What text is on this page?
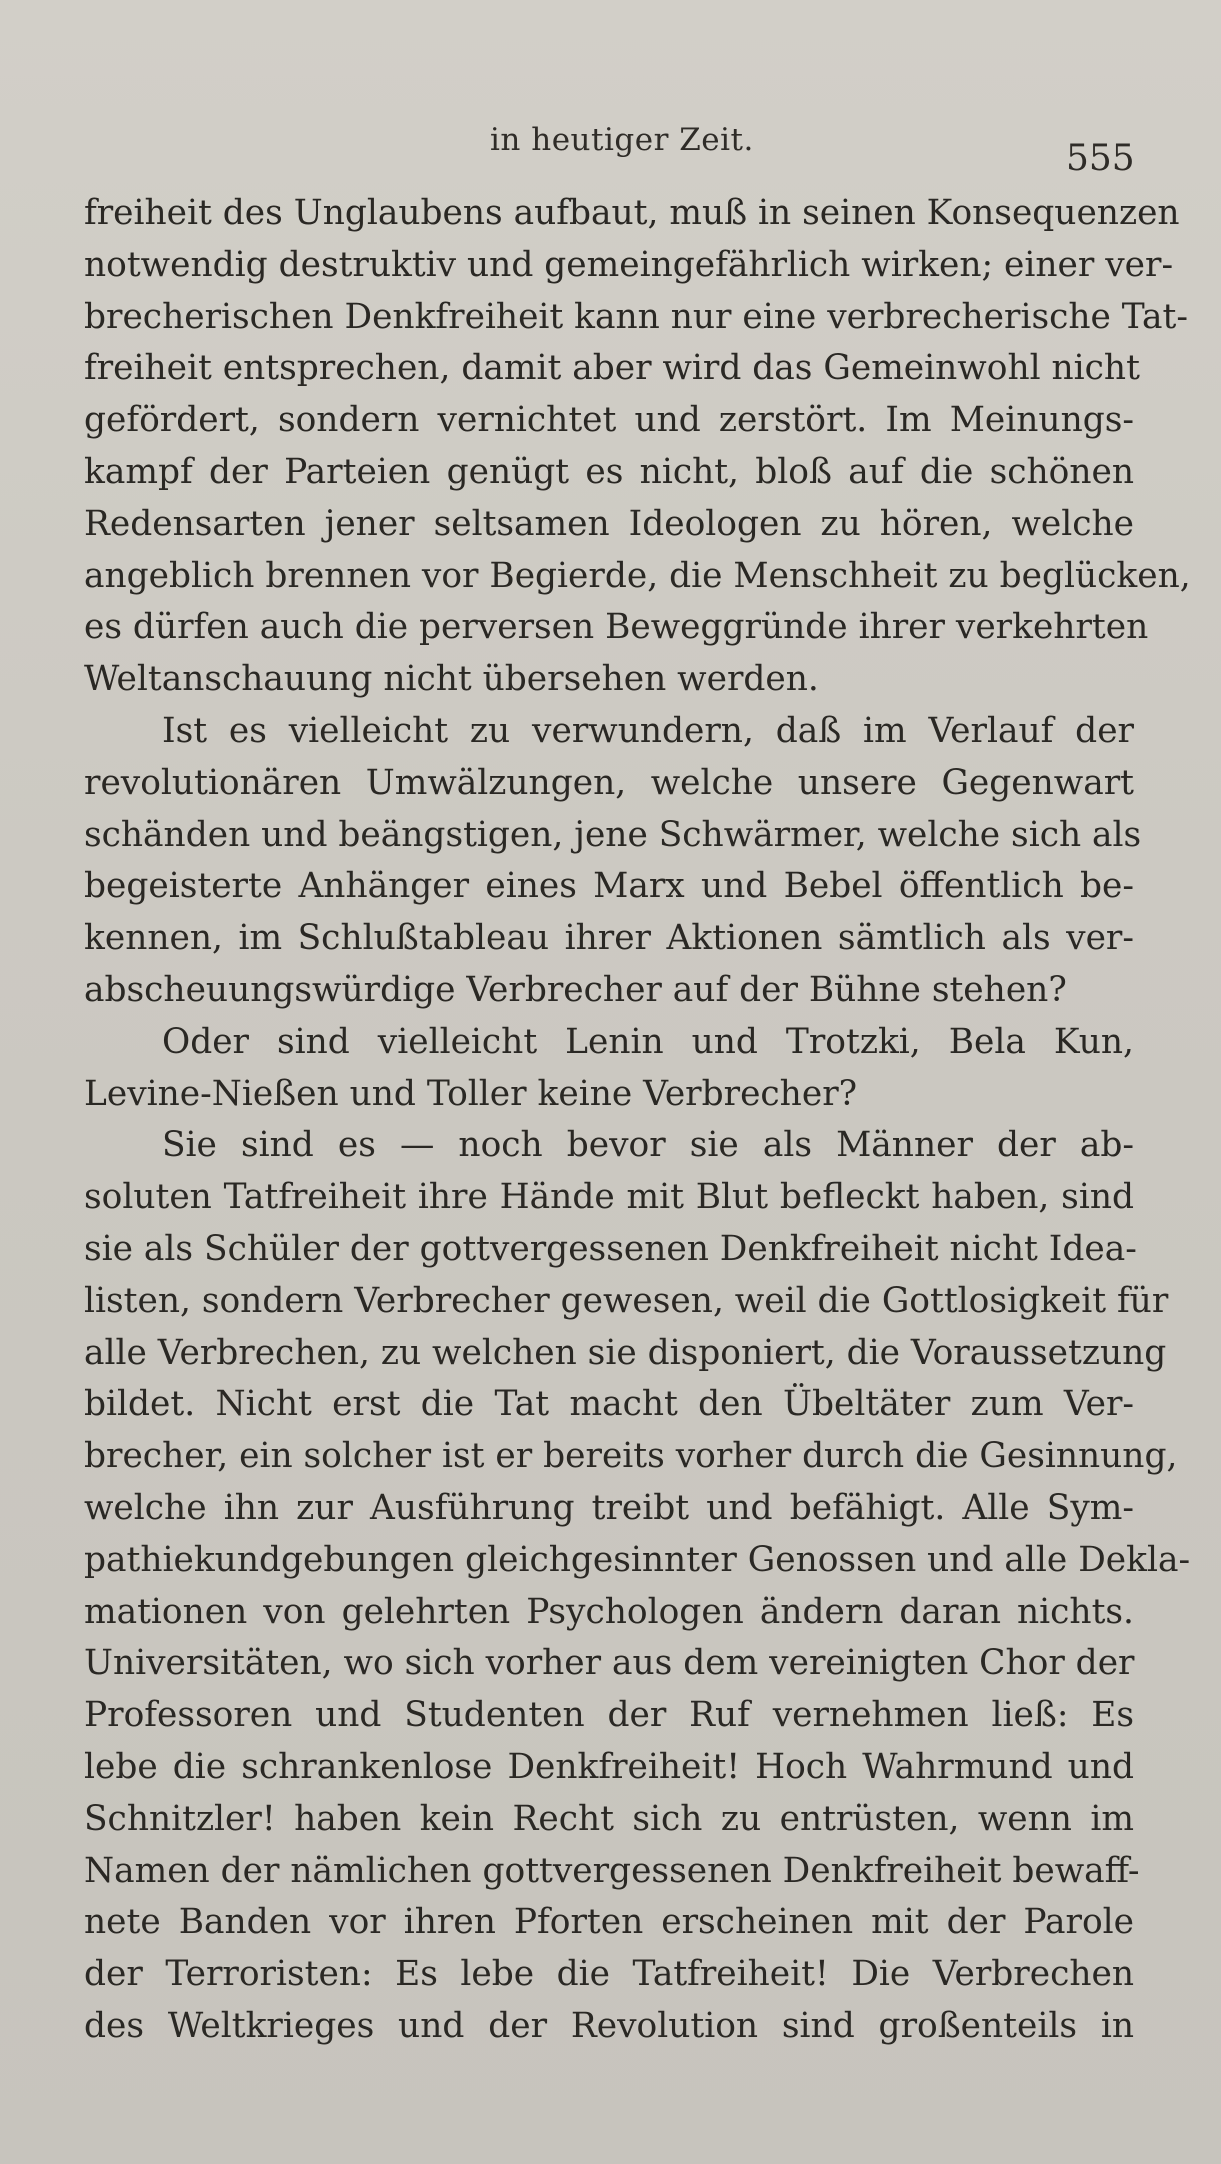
in heutiger Zeit.	555
freiheit des Unglaubens aufbaut, muß in seinen Konsequenzen
notwendig destruktiv und gemeingefährlich wirken; einer ver-
brecherischen Denkfreiheit kann nur eine verbrecherische Tat-
freiheit entsprechen, damit aber wird das Gemeinwohl nicht
gefördert, sondern vernichtet und zerstört. Im Meinungs-
kampf der Parteien genügt es nicht, bloß auf die schönen
Redensarten jener seltsamen Ideologen zu hören, welche
angeblich brennen vor Begierde, die Menschheit zu beglücken,
es dürfen auch die perversen Beweggründe ihrer verkehrten
Weltanschauung nicht übersehen werden.
Ist es vielleicht zu verwundern, daß im Verlauf der
revolutionären Umwälzungen, welche unsere Gegenwart
schänden und beängstigen, jene Schwärmer, welche sich als
begeisterte Anhänger eines Marx und Bebel öffentlich be-
kennen, im Schlußtableau ihrer Aktionen sämtlich als ver-
abscheuungswürdige Verbrecher auf der Bühne stehen?
Oder sind vielleicht Lenin und Trotzki, Bela Kun,
Levine-Nießen und Toller keine Verbrecher?
Sie sind es — noch bevor sie als Männer der ab-
soluten Tatfreiheit ihre Hände mit Blut befleckt haben, sind
sie als Schüler der gottvergessenen Denkfreiheit nicht Idea-
listen, sondern Verbrecher gewesen, weil die Gottlosigkeit für
alle Verbrechen, zu welchen sie disponiert, die Voraussetzung
bildet. Nicht erst die Tat macht den Übeltäter zum Ver-
brecher, ein solcher ist er bereits vorher durch die Gesinnung,
welche ihn zur Ausführung treibt und befähigt. Alle Sym-
pathiekundgebungen gleichgesinnter Genossen und alle Dekla-
mationen von gelehrten Psychologen ändern daran nichts.
Universitäten, wo sich vorher aus dem vereinigten Chor der
Professoren und Studenten der Ruf vernehmen ließ: Es
lebe die schrankenlose Denkfreiheit! Hoch Wahrmund und
Schnitzler! haben kein Recht sich zu entrüsten, wenn im
Namen der nämlichen gottvergessenen Denkfreiheit bewaff-
nete Banden vor ihren Pforten erscheinen mit der Parole
der Terroristen: Es lebe die Tatfreiheit! Die Verbrechen
des Weltkrieges und der Revolution sind großenteils in
